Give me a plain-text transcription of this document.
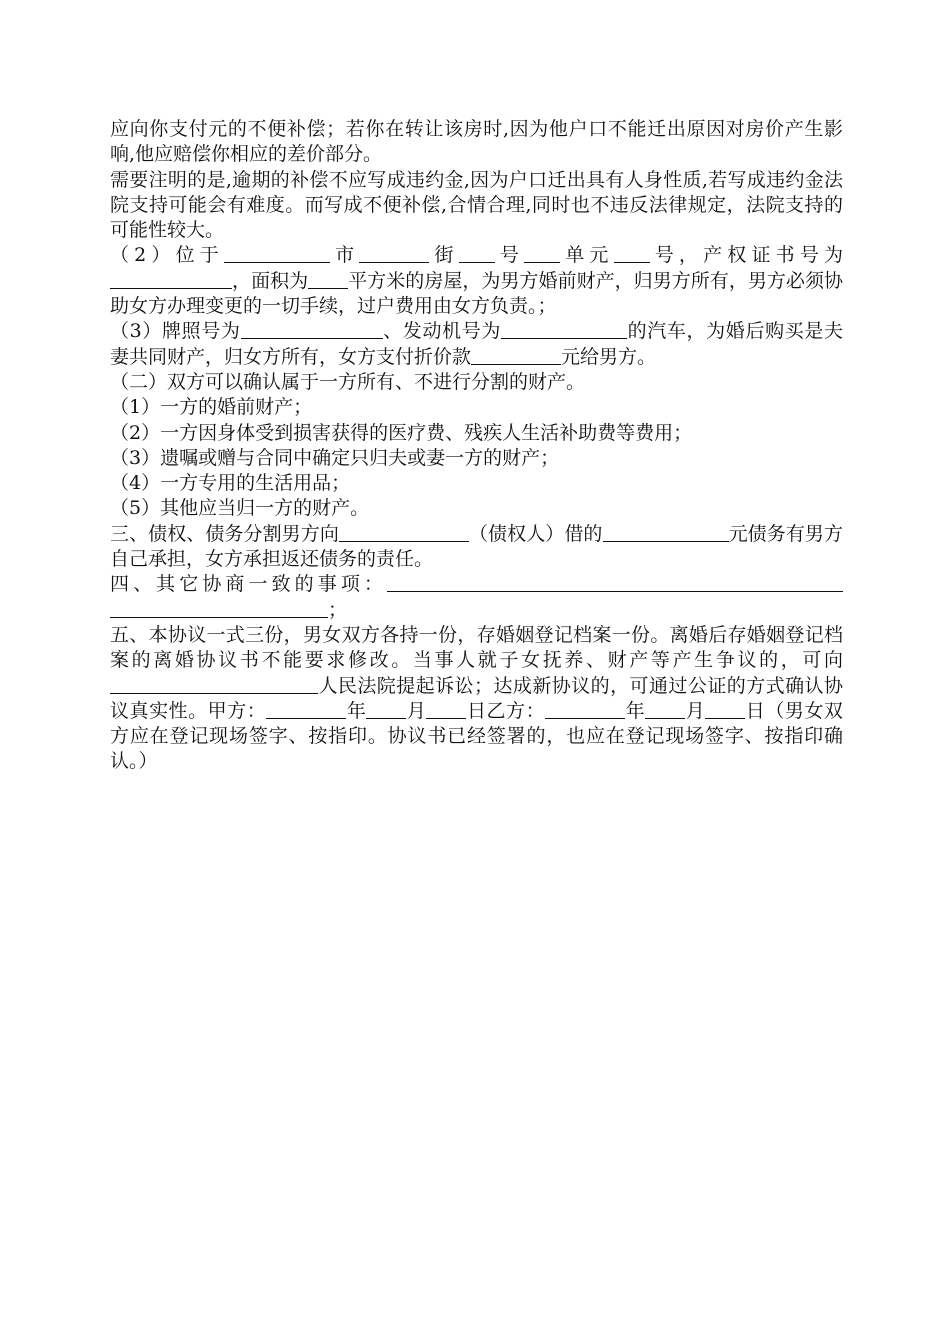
应向你支付元的不便补偿；若你在转让该房时,因为他户口不能迁出原因对房价产生影响,他应赔偿你相应的差价部分。
需要注明的是,逾期的补偿不应写成违约金,因为户口迁出具有人身性质,若写成违约金法院支持可能会有难度。而写成不便补偿,合情合理,同时也不违反法律规定，法院支持的可能性较大。
（2）位于	市	街 号 单元 号，产权证书号为，面积为 平方米的房屋，为男方婚前财产，归男方所有，男方必须协助女方办理变更的一切手续，过户费用由女方负责。；
（3）牌照号为	、发动机号为	的汽车，为婚后购买是夫妻共同财产，归女方所有，女方支付折价款	元给男方。
（二）双方可以确认属于一方所有、不进行分割的财产。
（1）一方的婚前财产；
（2）一方因身体受到损害获得的医疗费、残疾人生活补助费等费用；
（3）遗嘱或赠与合同中确定只归夫或妻一方的财产；
（4）一方专用的生活用品；
（5）其他应当归一方的财产。
三、债权、债务分割男方向	（债权人）借的	元债务有男方自己承担，女方承担返还债务的责任。
四、其它协商一致的事项：；
五、本协议一式三份，男女双方各持一份，存婚姻登记档案一份。离婚后存婚姻登记档案的离婚协议书不能要求修改。当事人就子女抚养、财产等产生争议的，可向人民法院提起诉讼；达成新协议的，可通过公证的方式确认协议真实性。甲方：	年 月 日乙方：	年 月 日（男女双方应在登记现场签字、按指印。协议书已经签署的，也应在登记现场签字、按指印确认。）
